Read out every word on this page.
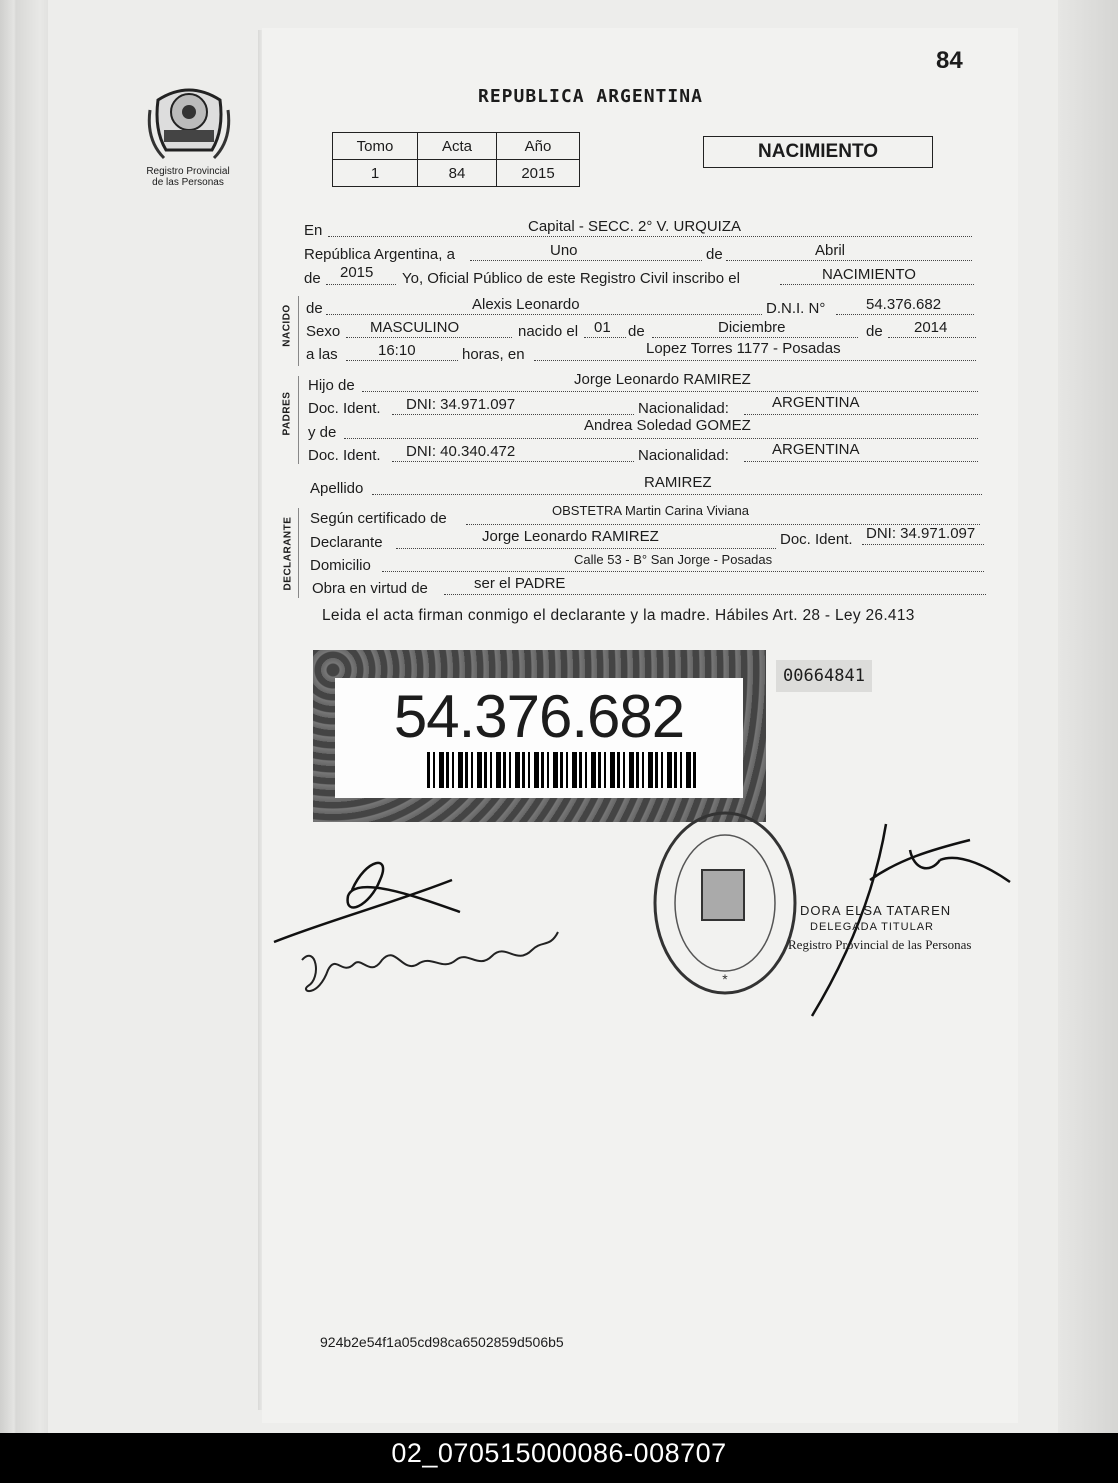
Registro Provincial
de las Personas
84
REPUBLICA ARGENTINA
Tomo	Acta	Año
1	84	2015
NACIMIENTO
En	Capital - SECC. 2° V. URQUIZA
República Argentina, a	Uno	de	Abril
de 2015 Yo, Oficial Público de este Registro Civil inscribo el	NACIMIENTO
NACIDO de	Alexis Leonardo	D.N.I. N°	54.376.682
Sexo MASCULINO	nacido el 01 de	Diciembre	de 2014
a las	16:10	horas, en	Lopez Torres 1177 - Posadas
PADRES
Hijo de	Jorge Leonardo RAMIREZ
Doc. Ident. DNI: 34.971.097	Nacionalidad:	ARGENTINA
y de	Andrea Soledad GOMEZ
Doc. Ident. DNI: 40.340.472	Nacionalidad:	ARGENTINA
Apellido	RAMIREZ
DECLARANTE Según certificado de	OBSTETRA Martin Carina Viviana
Declarante	Jorge Leonardo RAMIREZ	Doc. Ident. DNI: 34.971.097
Domicilio	Calle 53 - B° San Jorge - Posadas
Obra en virtud de	ser el PADRE
Leida el acta firman conmigo el declarante y la madre. Hábiles Art. 28 - Ley 26.413
54.376.682
00664841
*
DORA ELSA TATAREN
DELEGADA TITULAR
Registro Provincial de las Personas
924b2e54f1a05cd98ca6502859d506b5
02_070515000086-008707
